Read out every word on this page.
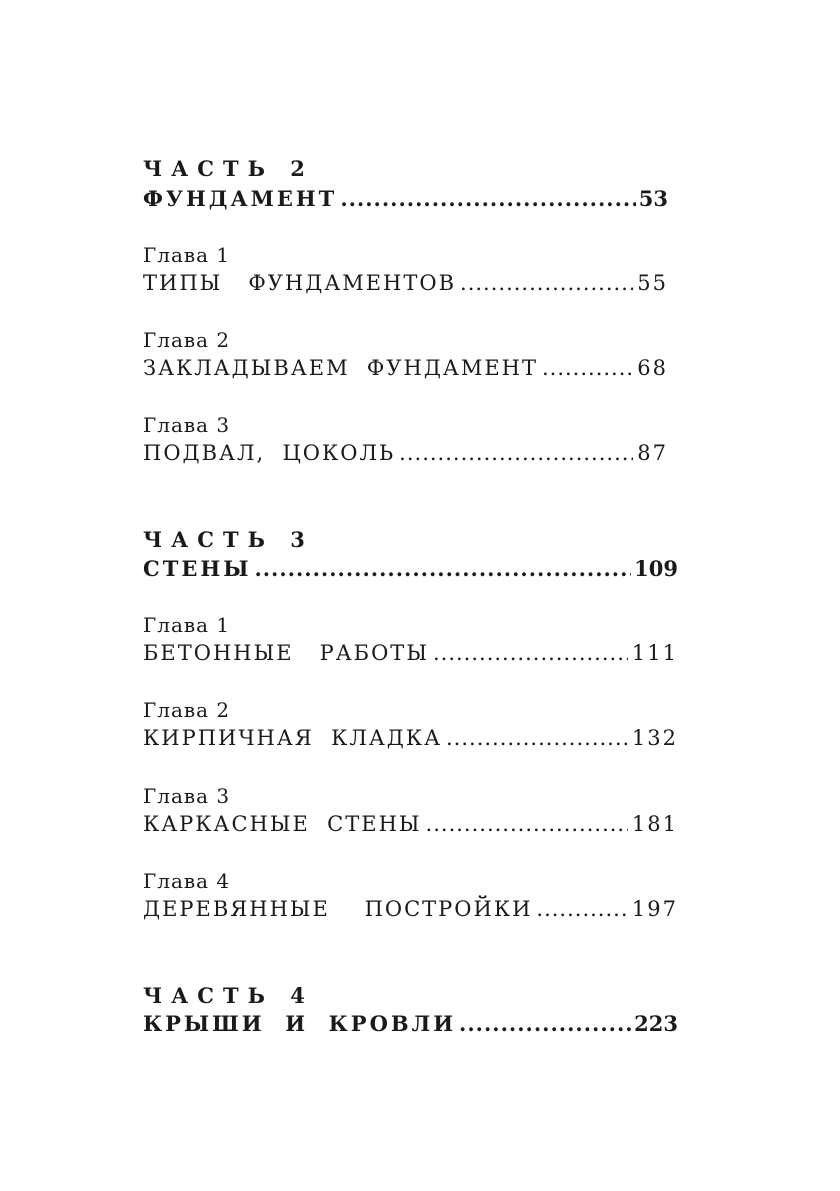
ЧАСТЬ 2
ФУНДАМЕНТ .....	53
Глава 1
ТИПЫ   ФУНДАМЕНТОВ .....	55
Глава 2
ЗАКЛАДЫВАЕМ  ФУНДАМЕНТ .....	68
Глава 3
ПОДВАЛ,  ЦОКОЛЬ .....	87
ЧАСТЬ 3
СТЕНЫ .....	109
Глава 1
БЕТОННЫЕ   РАБОТЫ .....	111
Глава 2
КИРПИЧНАЯ  КЛАДКА .....	132
Глава 3
КАРКАСНЫЕ  СТЕНЫ .....	181
Глава 4
ДЕРЕВЯННЫЕ    ПОСТРОЙКИ .....	197
ЧАСТЬ 4
КРЫШИ  И  КРОВЛИ .....	223
